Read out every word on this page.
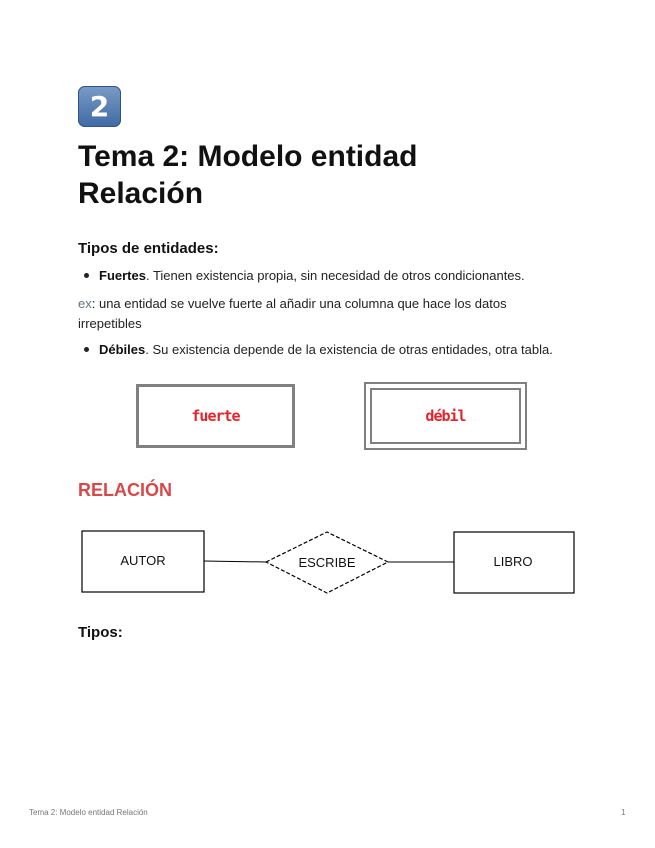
2
Tema 2: Modelo entidad
Relación
Tipos de entidades:
Fuertes. Tienen existencia propia, sin necesidad de otros condicionantes.

ex: una entidad se vuelve fuerte al añadir una columna que hace los datos irrepetibles

Débiles. Su existencia depende de la existencia de otras entidades, otra tabla.
fuerte	débil
RELACIÓN
AUTOR	ESCRIBE	LIBRO
Tipos:
Tema 2: Modelo entidad Relación	1
